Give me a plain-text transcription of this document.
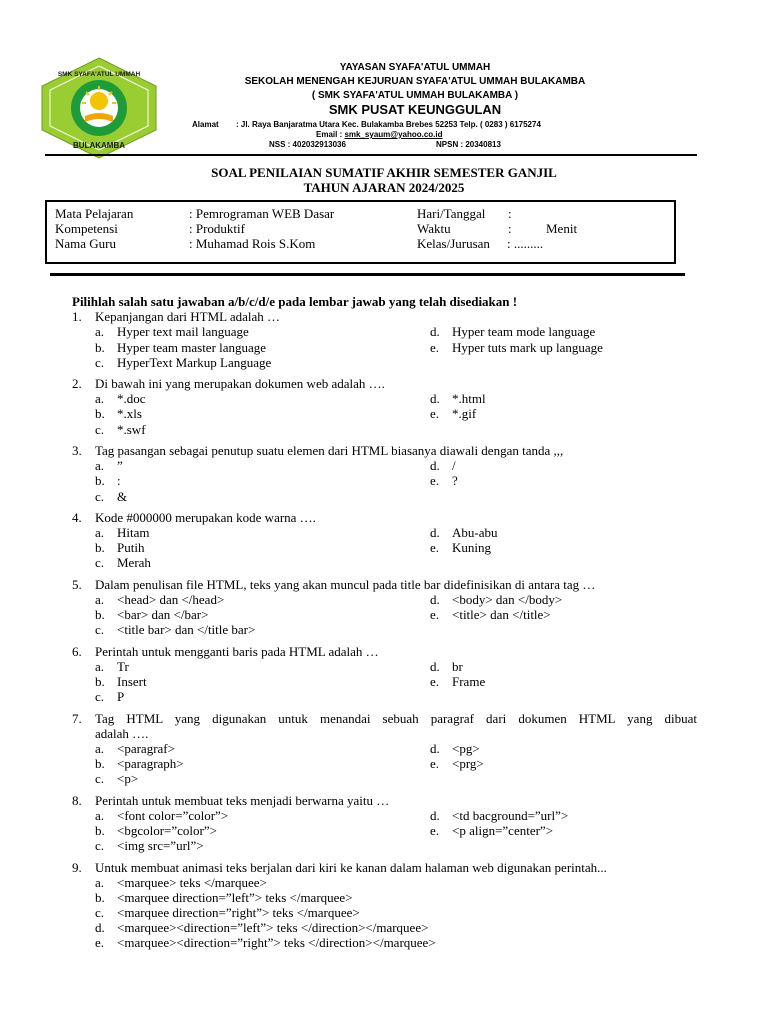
BULAKAMBA
SMK SYAFA'ATUL UMMAH
YAYASAN SYAFA'ATUL UMMAH
SEKOLAH MENENGAH KEJURUAN SYAFA'ATUL UMMAH BULAKAMBA
( SMK SYAFA'ATUL UMMAH BULAKAMBA )
SMK PUSAT KEUNGGULAN
Alamat : Jl. Raya Banjaratma Utara Kec. Bulakamba Brebes 52253 Telp. ( 0283 ) 6175274
Email : smk_syaum@yahoo.co.id
NSS : 402032913036	NPSN : 20340813
SOAL PENILAIAN SUMATIF AKHIR SEMESTER GANJIL
TAHUN AJARAN 2024/2025
Mata Pelajaran	: Pemrograman WEB Dasar
Kompetensi	: Produktif
Nama Guru	: Muhamad Rois S.Kom
Hari/Tanggal :
Waktu	:	Menit
Kelas/Jurusan : .........
Pilihlah salah satu jawaban a/b/c/d/e pada lembar jawab yang telah disediakan !
1. Kepanjangan dari HTML adalah …
a. Hyper text mail language	d. Hyper team mode language
b. Hyper team master language	e. Hyper tuts mark up language
c. HyperText Markup Language
2. Di bawah ini yang merupakan dokumen web adalah ….
a. *.doc	d. *.html
b. *.xls	e. *.gif
c. *.swf
3. Tag pasangan sebagai penutup suatu elemen dari HTML biasanya diawali dengan tanda ,,,
a. ”	d. /
b. :	e. ?
c. &
4. Kode #000000 merupakan kode warna ….
a. Hitam	d. Abu-abu
b. Putih	e. Kuning
c. Merah
5. Dalam penulisan file HTML, teks yang akan muncul pada title bar didefinisikan di antara tag …
a. <head> dan </head>	d. <body> dan </body>
b. <bar> dan </bar>	e. <title> dan </title>
c. <title bar> dan </title bar>
6. Perintah untuk mengganti baris pada HTML adalah …
a. Tr	d. br
b. Insert	e. Frame
c. P
7. Tag HTML yang digunakan untuk menandai sebuah paragraf dari dokumen HTML yang dibuat
adalah ….
a. <paragraf>	d. <pg>
b. <paragraph>	e. <prg>
c. <p>
8. Perintah untuk membuat teks menjadi berwarna yaitu …
a. <font color=”color”>	d. <td bacground=”url”>
b. <bgcolor=”color”>	e. <p align=”center”>
c. <img src=”url”>
9. Untuk membuat animasi teks berjalan dari kiri ke kanan dalam halaman web digunakan perintah...
a. <marquee> teks </marquee>
b. <marquee direction=”left”> teks </marquee>
c. <marquee direction=”right”> teks </marquee>
d. <marquee><direction=”left”> teks </direction></marquee>
e. <marquee><direction=”right”> teks </direction></marquee>
